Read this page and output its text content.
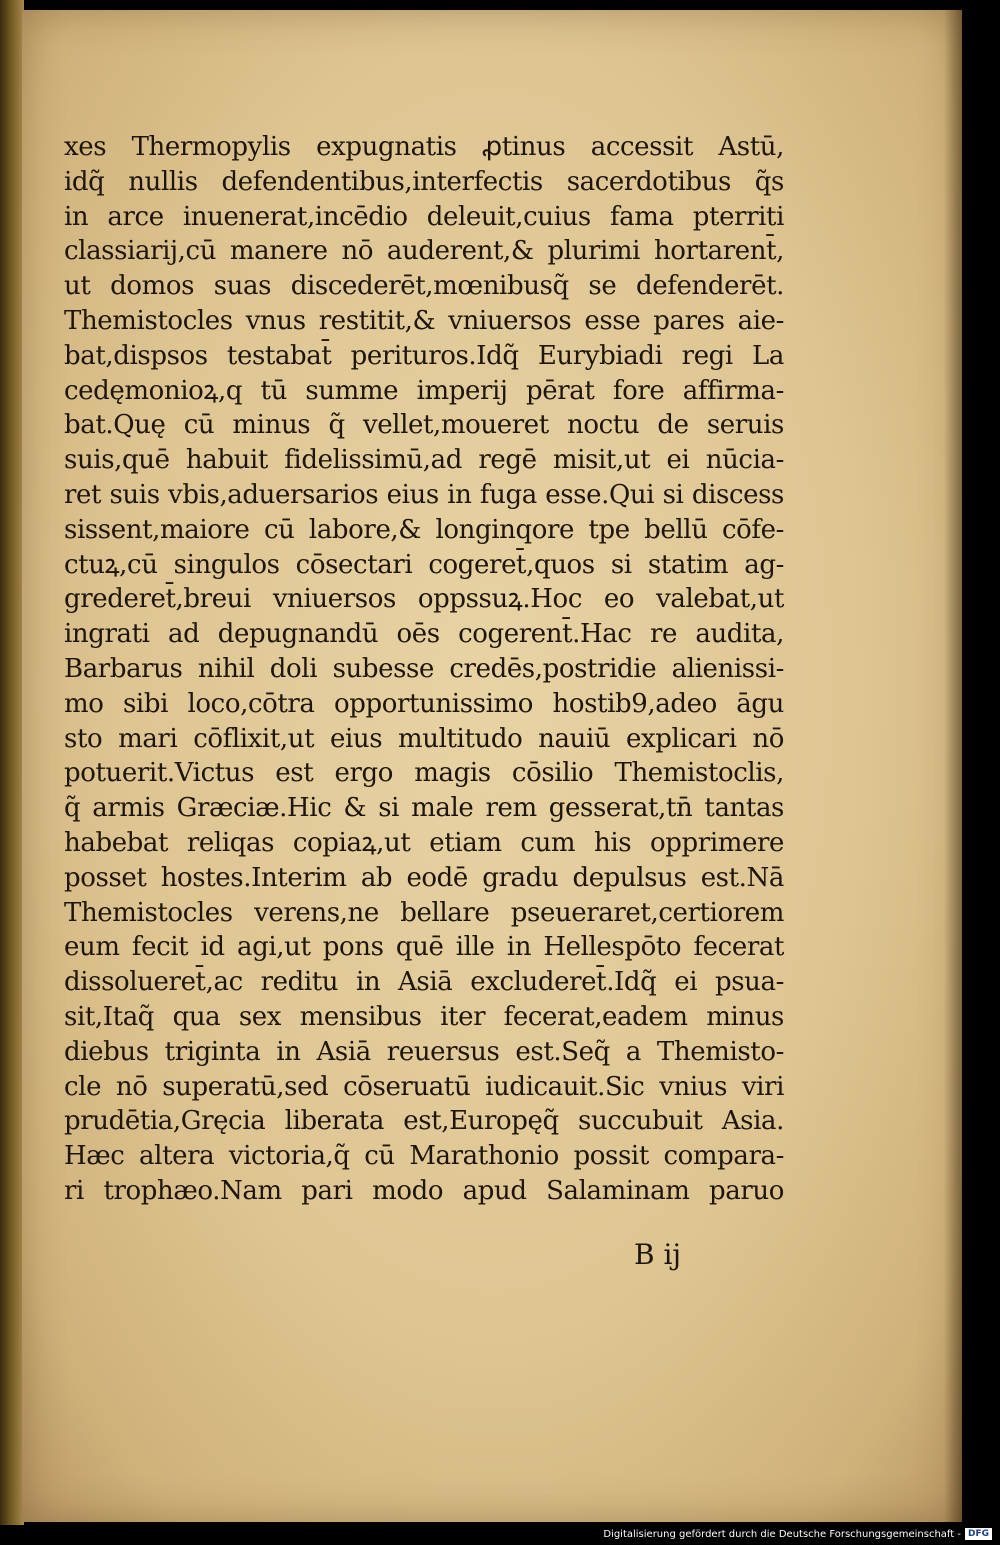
xes Thermopylis expugnatis ꝓtinus accessit Astū,
idq̃ nullis defendentibus,interfectis sacerdotibus q̃s
in arce inuenerat,incēdio deleuit,cuius fama pterriti
classiarij,cū manere nō auderent,& plurimi hortarent̄,
ut domos suas discederēt,mœnibusq̃ se defenderēt.
Themistocles vnus restitit,& vniuersos esse pares aie-
bat,dispsos testabat̄ perituros.Idq̃ Eurybiadi regi La
cedęmonioꝝ,q tū summe imperij pērat fore affirma-
bat.Quę cū minus q̃ vellet,moueret noctu de seruis
suis,quē habuit fidelissimū,ad regē misit,ut ei nūcia-
ret suis vbis,aduersarios eius in fuga esse.Qui si discess
sissent,maiore cū labore,& longinqore tpe bellū cōfe-
ctuꝝ,cū singulos cōsectari cogeret̄,quos si statim ag-
grederet̄,breui vniuersos oppssuꝝ.Hoc eo valebat,ut
ingrati ad depugnandū oēs cogerent̄.Hac re audita,
Barbarus nihil doli subesse credēs,postridie alienissi-
mo sibi loco,cōtra opportunissimo hostib9,adeo āgu
sto mari cōflixit,ut eius multitudo nauiū explicari nō
potuerit.Victus est ergo magis cōsilio Themistoclis,
q̃ armis Græciæ.Hic & si male rem gesserat,tn̄ tantas
habebat reliqas copiaꝝ,ut etiam cum his opprimere
posset hostes.Interim ab eodē gradu depulsus est.Nā
Themistocles verens,ne bellare pseueraret,certiorem
eum fecit id agi,ut pons quē ille in Hellespōto fecerat
dissolueret̄,ac reditu in Asiā excluderet̄.Idq̃ ei psua-
sit,Itaq̃ qua sex mensibus iter fecerat,eadem minus
diebus triginta in Asiā reuersus est.Seq̃ a Themisto-
cle nō superatū,sed cōseruatū iudicauit.Sic vnius viri
prudētia,Gręcia liberata est,Europęq̃ succubuit Asia.
Hæc altera victoria,q̃ cū Marathonio possit compara-
ri trophæo.Nam pari modo apud Salaminam paruo
B ij
Digitalisierung gefördert durch die Deutsche Forschungsgemeinschaft - DFG
